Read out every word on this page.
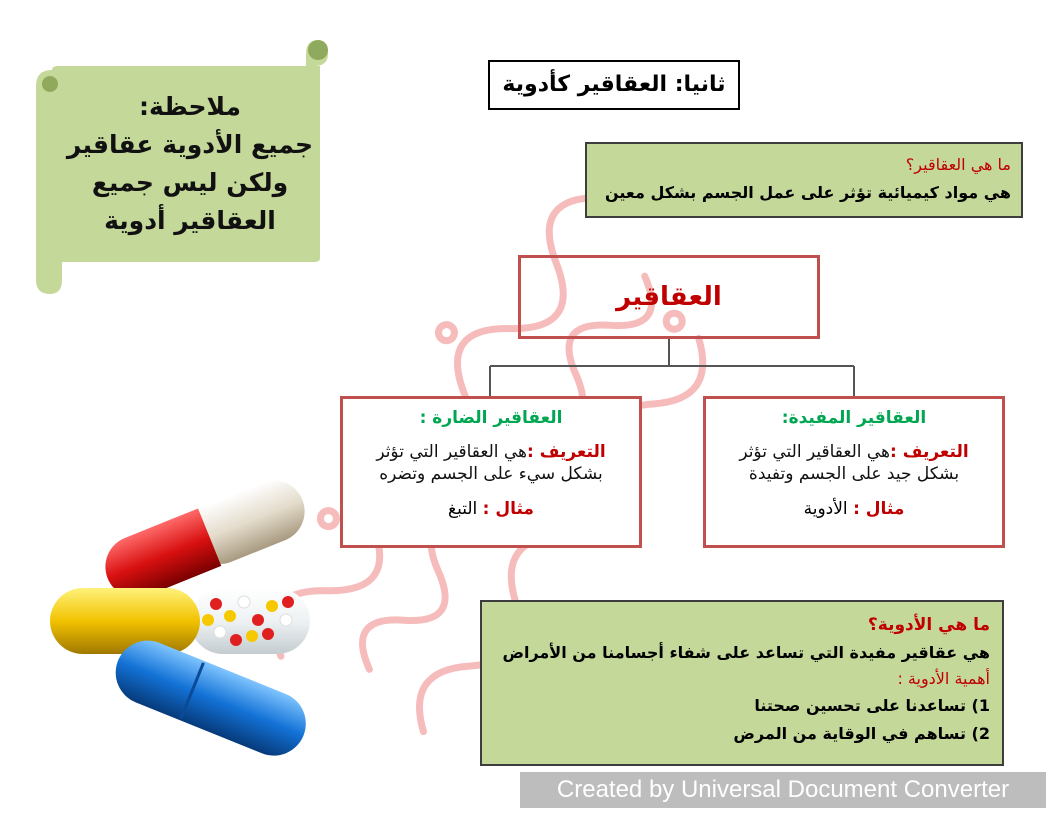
ملاحظة:
جميع الأدوية عقاقير
ولكن ليس جميع
العقاقير أدوية
ثانيا: العقاقير كأدوية
ما هي العقاقير؟
هي مواد كيميائية تؤثر على عمل الجسم بشكل معين
العقاقير
العقاقير الضارة :
التعريف :هي العقاقير التي تؤثر بشكل سيء على الجسم وتضره
مثال : التبغ
العقاقير المفيدة:
التعريف :هي العقاقير التي تؤثر بشكل جيد على الجسم وتفيدة
مثال : الأدوية
ما هي الأدوية؟
هي عقاقير مفيدة التي تساعد على شفاء أجسامنا من الأمراض
أهمية الأدوية :
1) تساعدنا على تحسين صحتنا
2) تساهم في الوقاية من المرض
Created by Universal Document Converter
